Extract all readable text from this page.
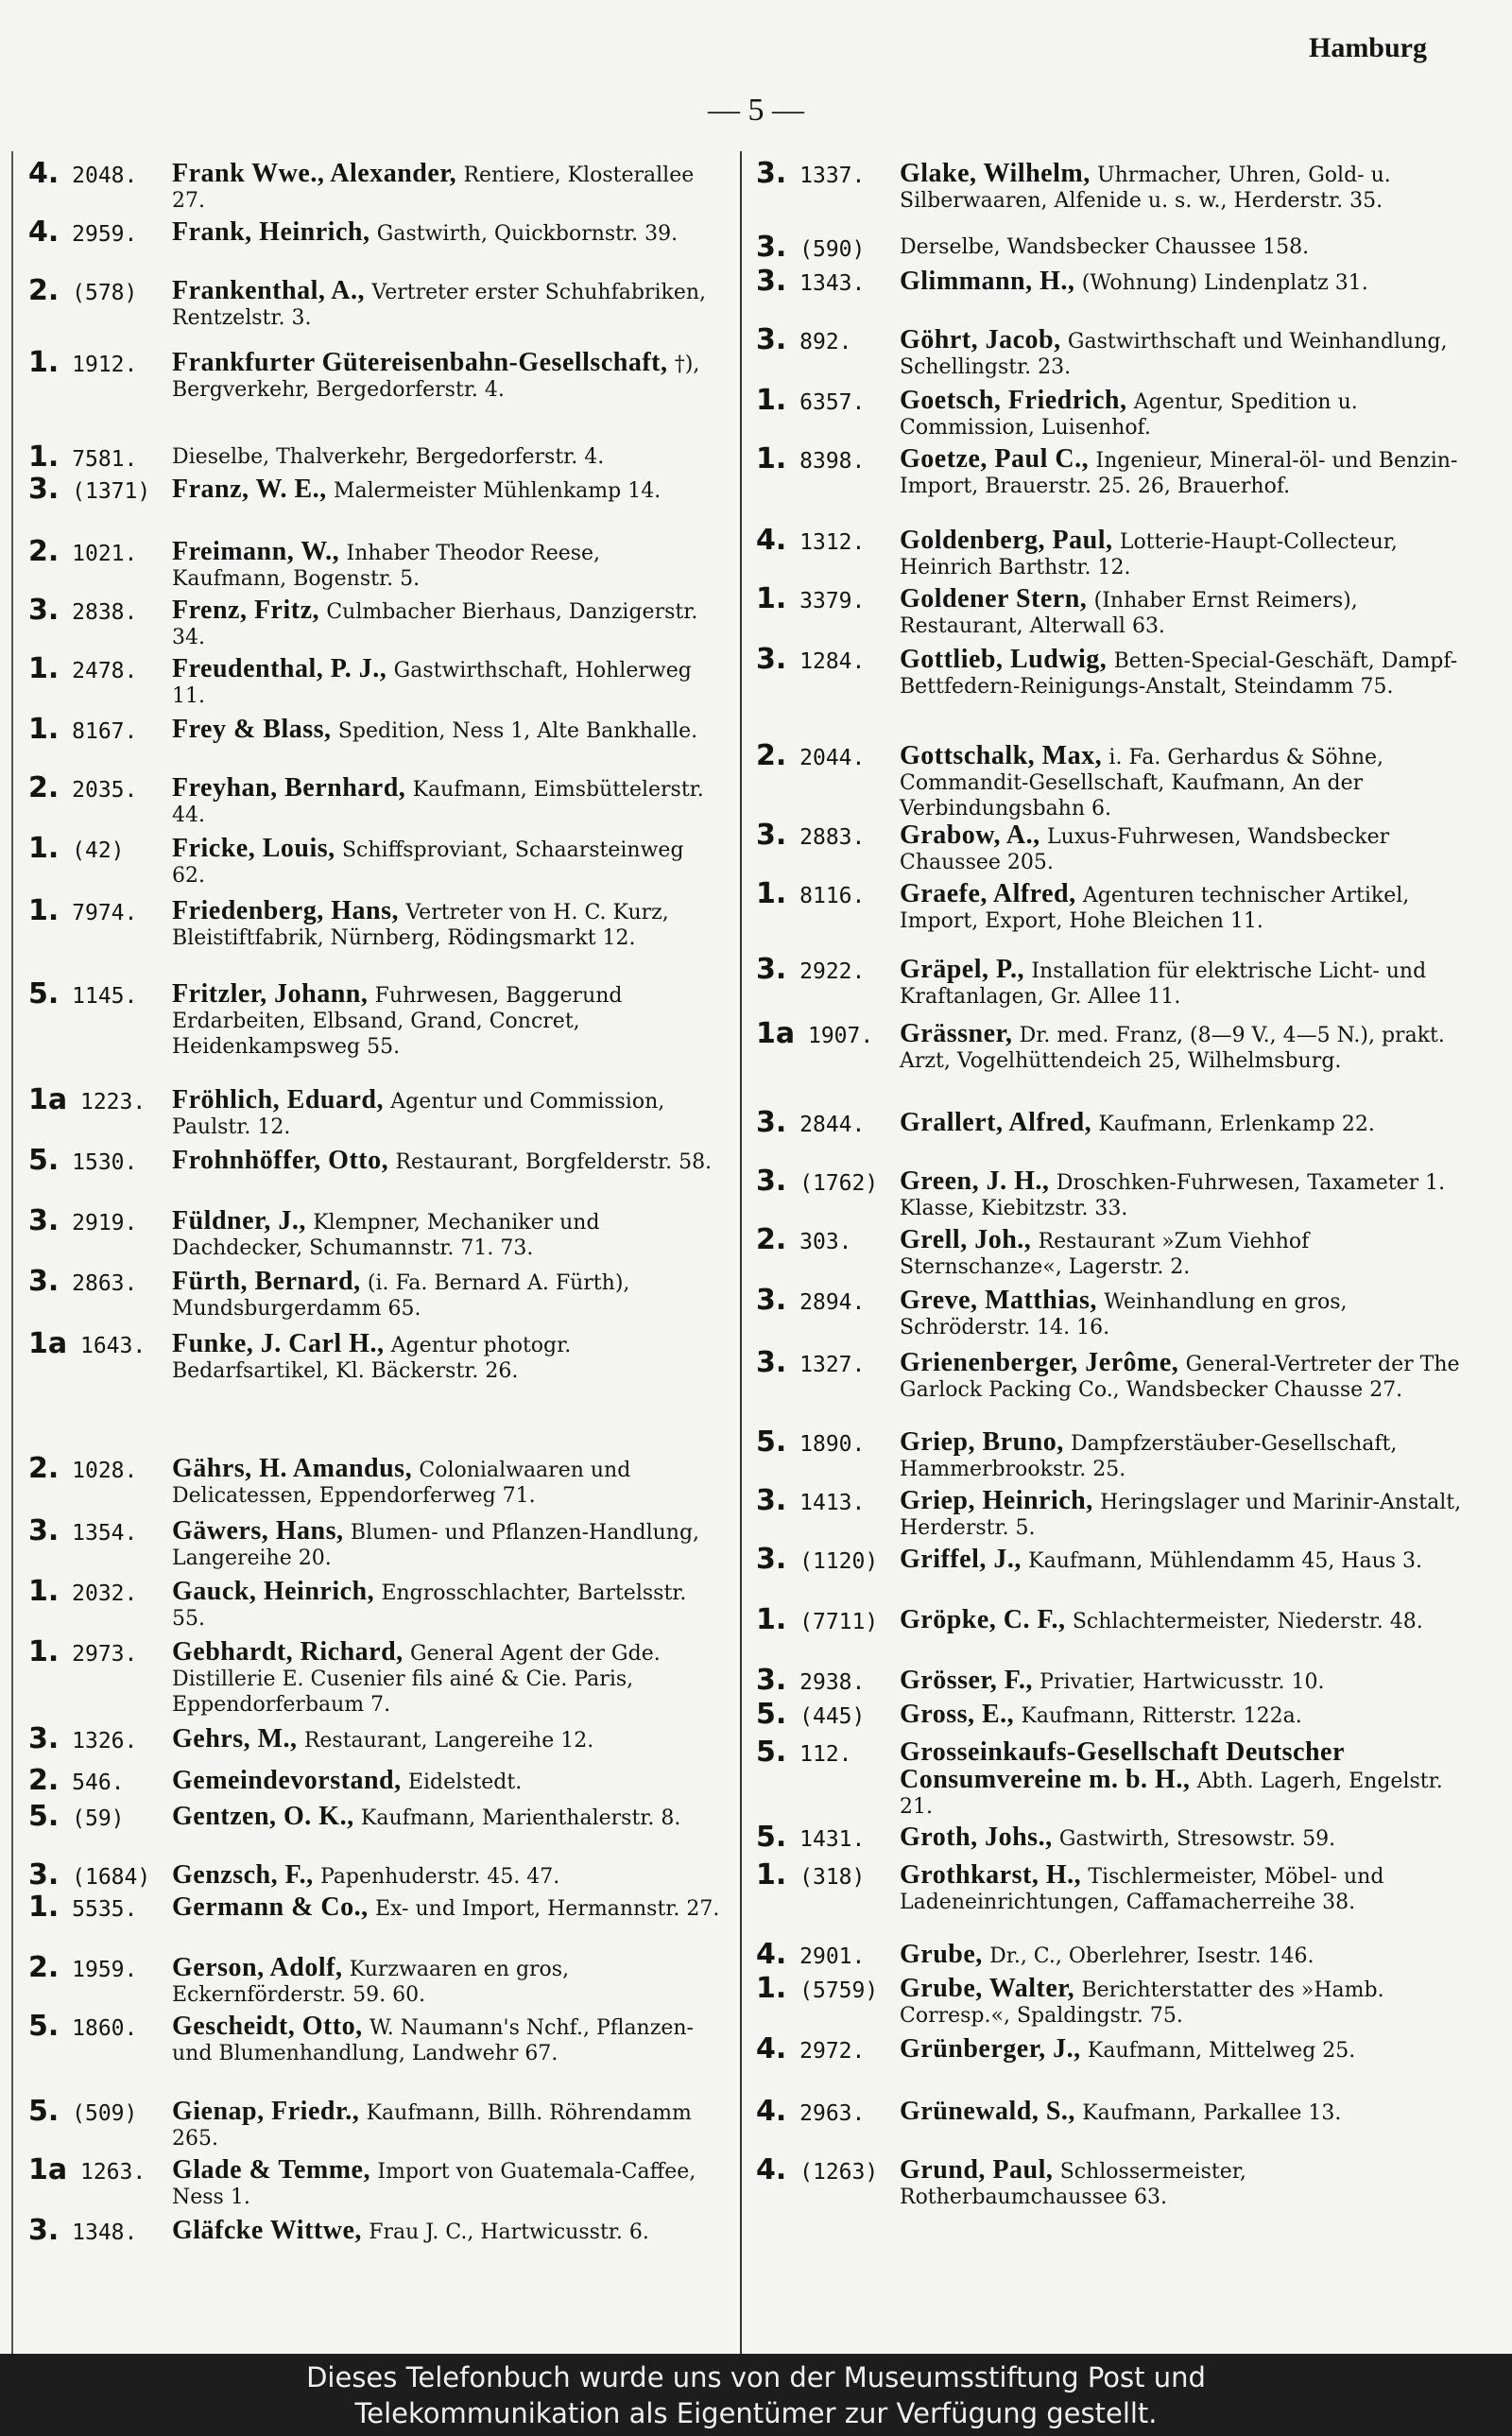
Hamburg
— 5 —
4. 2048.	Frank Wwe., Alexander, Rentiere, Klosterallee 27.
4. 2959.	Frank, Heinrich, Gastwirth, Quickbornstr. 39.
2. (578)	Frankenthal, A., Vertreter erster Schuhfabriken, Rentzelstr. 3.
1. 1912.	Frankfurter Gütereisenbahn-Gesellschaft, †), Bergverkehr, Bergedorferstr. 4.
1. 7581.	Dieselbe, Thalverkehr, Bergedorferstr. 4.
3. (1371) Franz, W. E., Malermeister Mühlenkamp 14.
2. 1021.	Freimann, W., Inhaber Theodor Reese, Kaufmann, Bogenstr. 5.
3. 2838.	Frenz, Fritz, Culmbacher Bierhaus, Danzigerstr. 34.
1. 2478.	Freudenthal, P. J., Gastwirthschaft, Hohlerweg 11.
1. 8167.	Frey & Blass, Spedition, Ness 1, Alte Bankhalle.
2. 2035.	Freyhan, Bernhard, Kaufmann, Eimsbüttelerstr. 44.
1. (42)	Fricke, Louis, Schiffsproviant, Schaarsteinweg 62.
1. 7974.	Friedenberg, Hans, Vertreter von H. C. Kurz, Bleistiftfabrik, Nürnberg, Rödingsmarkt 12.
5. 1145.	Fritzler, Johann, Fuhrwesen, Baggerund Erdarbeiten, Elbsand, Grand, Concret, Heidenkampsweg 55.
1a 1223. Fröhlich, Eduard, Agentur und Commission, Paulstr. 12.
5. 1530.	Frohnhöffer, Otto, Restaurant, Borgfelderstr. 58.
3. 2919.	Füldner, J., Klempner, Mechaniker und Dachdecker, Schumannstr. 71. 73.
3. 2863.	Fürth, Bernard, (i. Fa. Bernard A. Fürth), Mundsburgerdamm 65.
1a 1643. Funke, J. Carl H., Agentur photogr. Bedarfsartikel, Kl. Bäckerstr. 26.
2. 1028.	Gährs, H. Amandus, Colonialwaaren und Delicatessen, Eppendorferweg 71.
3. 1354.	Gäwers, Hans, Blumen- und Pflanzen-Handlung, Langereihe 20.
1. 2032.	Gauck, Heinrich, Engrosschlachter, Bartelsstr. 55.
1. 2973.	Gebhardt, Richard, General Agent der Gde. Distillerie E. Cusenier fils ainé & Cie. Paris, Eppendorferbaum 7.
3. 1326.	Gehrs, M., Restaurant, Langereihe 12.
2. 546.	Gemeindevorstand, Eidelstedt.
5. (59)	Gentzen, O. K., Kaufmann, Marienthalerstr. 8.
3. (1684) Genzsch, F., Papenhuderstr. 45. 47.
1. 5535.	Germann & Co., Ex- und Import, Hermannstr. 27.
2. 1959.	Gerson, Adolf, Kurzwaaren en gros, Eckernförderstr. 59. 60.
5. 1860.	Gescheidt, Otto, W. Naumann's Nchf., Pflanzen- und Blumenhandlung, Landwehr 67.
5. (509)	Gienap, Friedr., Kaufmann, Billh. Röhrendamm 265.
1a 1263. Glade & Temme, Import von Guatemala-Caffee, Ness 1.
3. 1348.	Gläfcke Wittwe, Frau J. C., Hartwicusstr. 6.
3. 1337.	Glake, Wilhelm, Uhrmacher, Uhren, Gold- u. Silberwaaren, Alfenide u. s. w., Herderstr. 35.
3. (590)	Derselbe, Wandsbecker Chaussee 158.
3. 1343.	Glimmann, H., (Wohnung) Lindenplatz 31.
3. 892.	Göhrt, Jacob, Gastwirthschaft und Weinhandlung, Schellingstr. 23.
1. 6357.	Goetsch, Friedrich, Agentur, Spedition u. Commission, Luisenhof.
1. 8398.	Goetze, Paul C., Ingenieur, Mineral-öl- und Benzin-Import, Brauerstr. 25. 26, Brauerhof.
4. 1312.	Goldenberg, Paul, Lotterie-Haupt-Collecteur, Heinrich Barthstr. 12.
1. 3379.	Goldener Stern, (Inhaber Ernst Reimers), Restaurant, Alterwall 63.
3. 1284.	Gottlieb, Ludwig, Betten-Special-Geschäft, Dampf-Bettfedern-Reinigungs-Anstalt, Steindamm 75.
2. 2044.	Gottschalk, Max, i. Fa. Gerhardus & Söhne, Commandit-Gesellschaft, Kaufmann, An der Verbindungsbahn 6.
3. 2883.	Grabow, A., Luxus-Fuhrwesen, Wandsbecker Chaussee 205.
1. 8116.	Graefe, Alfred, Agenturen technischer Artikel, Import, Export, Hohe Bleichen 11.
3. 2922.	Gräpel, P., Installation für elektrische Licht- und Kraftanlagen, Gr. Allee 11.
1a 1907. Grässner, Dr. med. Franz, (8—9 V., 4—5 N.), prakt. Arzt, Vogelhüttendeich 25, Wilhelmsburg.
3. 2844.	Grallert, Alfred, Kaufmann, Erlenkamp 22.
3. (1762) Green, J. H., Droschken-Fuhrwesen, Taxameter 1. Klasse, Kiebitzstr. 33.
2. 303.	Grell, Joh., Restaurant »Zum Viehhof Sternschanze«, Lagerstr. 2.
3. 2894.	Greve, Matthias, Weinhandlung en gros, Schröderstr. 14. 16.
3. 1327.	Grienenberger, Jerôme, General-Vertreter der The Garlock Packing Co., Wandsbecker Chausse 27.
5. 1890.	Griep, Bruno, Dampfzerstäuber-Gesellschaft, Hammerbrookstr. 25.
3. 1413.	Griep, Heinrich, Heringslager und Marinir-Anstalt, Herderstr. 5.
3. (1120) Griffel, J., Kaufmann, Mühlendamm 45, Haus 3.
1. (7711) Gröpke, C. F., Schlachtermeister, Niederstr. 48.
3. 2938.	Grösser, F., Privatier, Hartwicusstr. 10.
5. (445)	Gross, E., Kaufmann, Ritterstr. 122a.
5. 112.	Grosseinkaufs-Gesellschaft Deutscher Consumvereine m. b. H., Abth. Lagerh, Engelstr. 21.
5. 1431.	Groth, Johs., Gastwirth, Stresowstr. 59.
1. (318)	Grothkarst, H., Tischlermeister, Möbel- und Ladeneinrichtungen, Caffamacherreihe 38.
4. 2901.	Grube, Dr., C., Oberlehrer, Isestr. 146.
1. (5759) Grube, Walter, Berichterstatter des »Hamb. Corresp.«, Spaldingstr. 75.
4. 2972.	Grünberger, J., Kaufmann, Mittelweg 25.
4. 2963.	Grünewald, S., Kaufmann, Parkallee 13.
4. (1263) Grund, Paul, Schlossermeister, Rotherbaumchaussee 63.
Dieses Telefonbuch wurde uns von der Museumsstiftung Post und
Telekommunikation als Eigentümer zur Verfügung gestellt.
